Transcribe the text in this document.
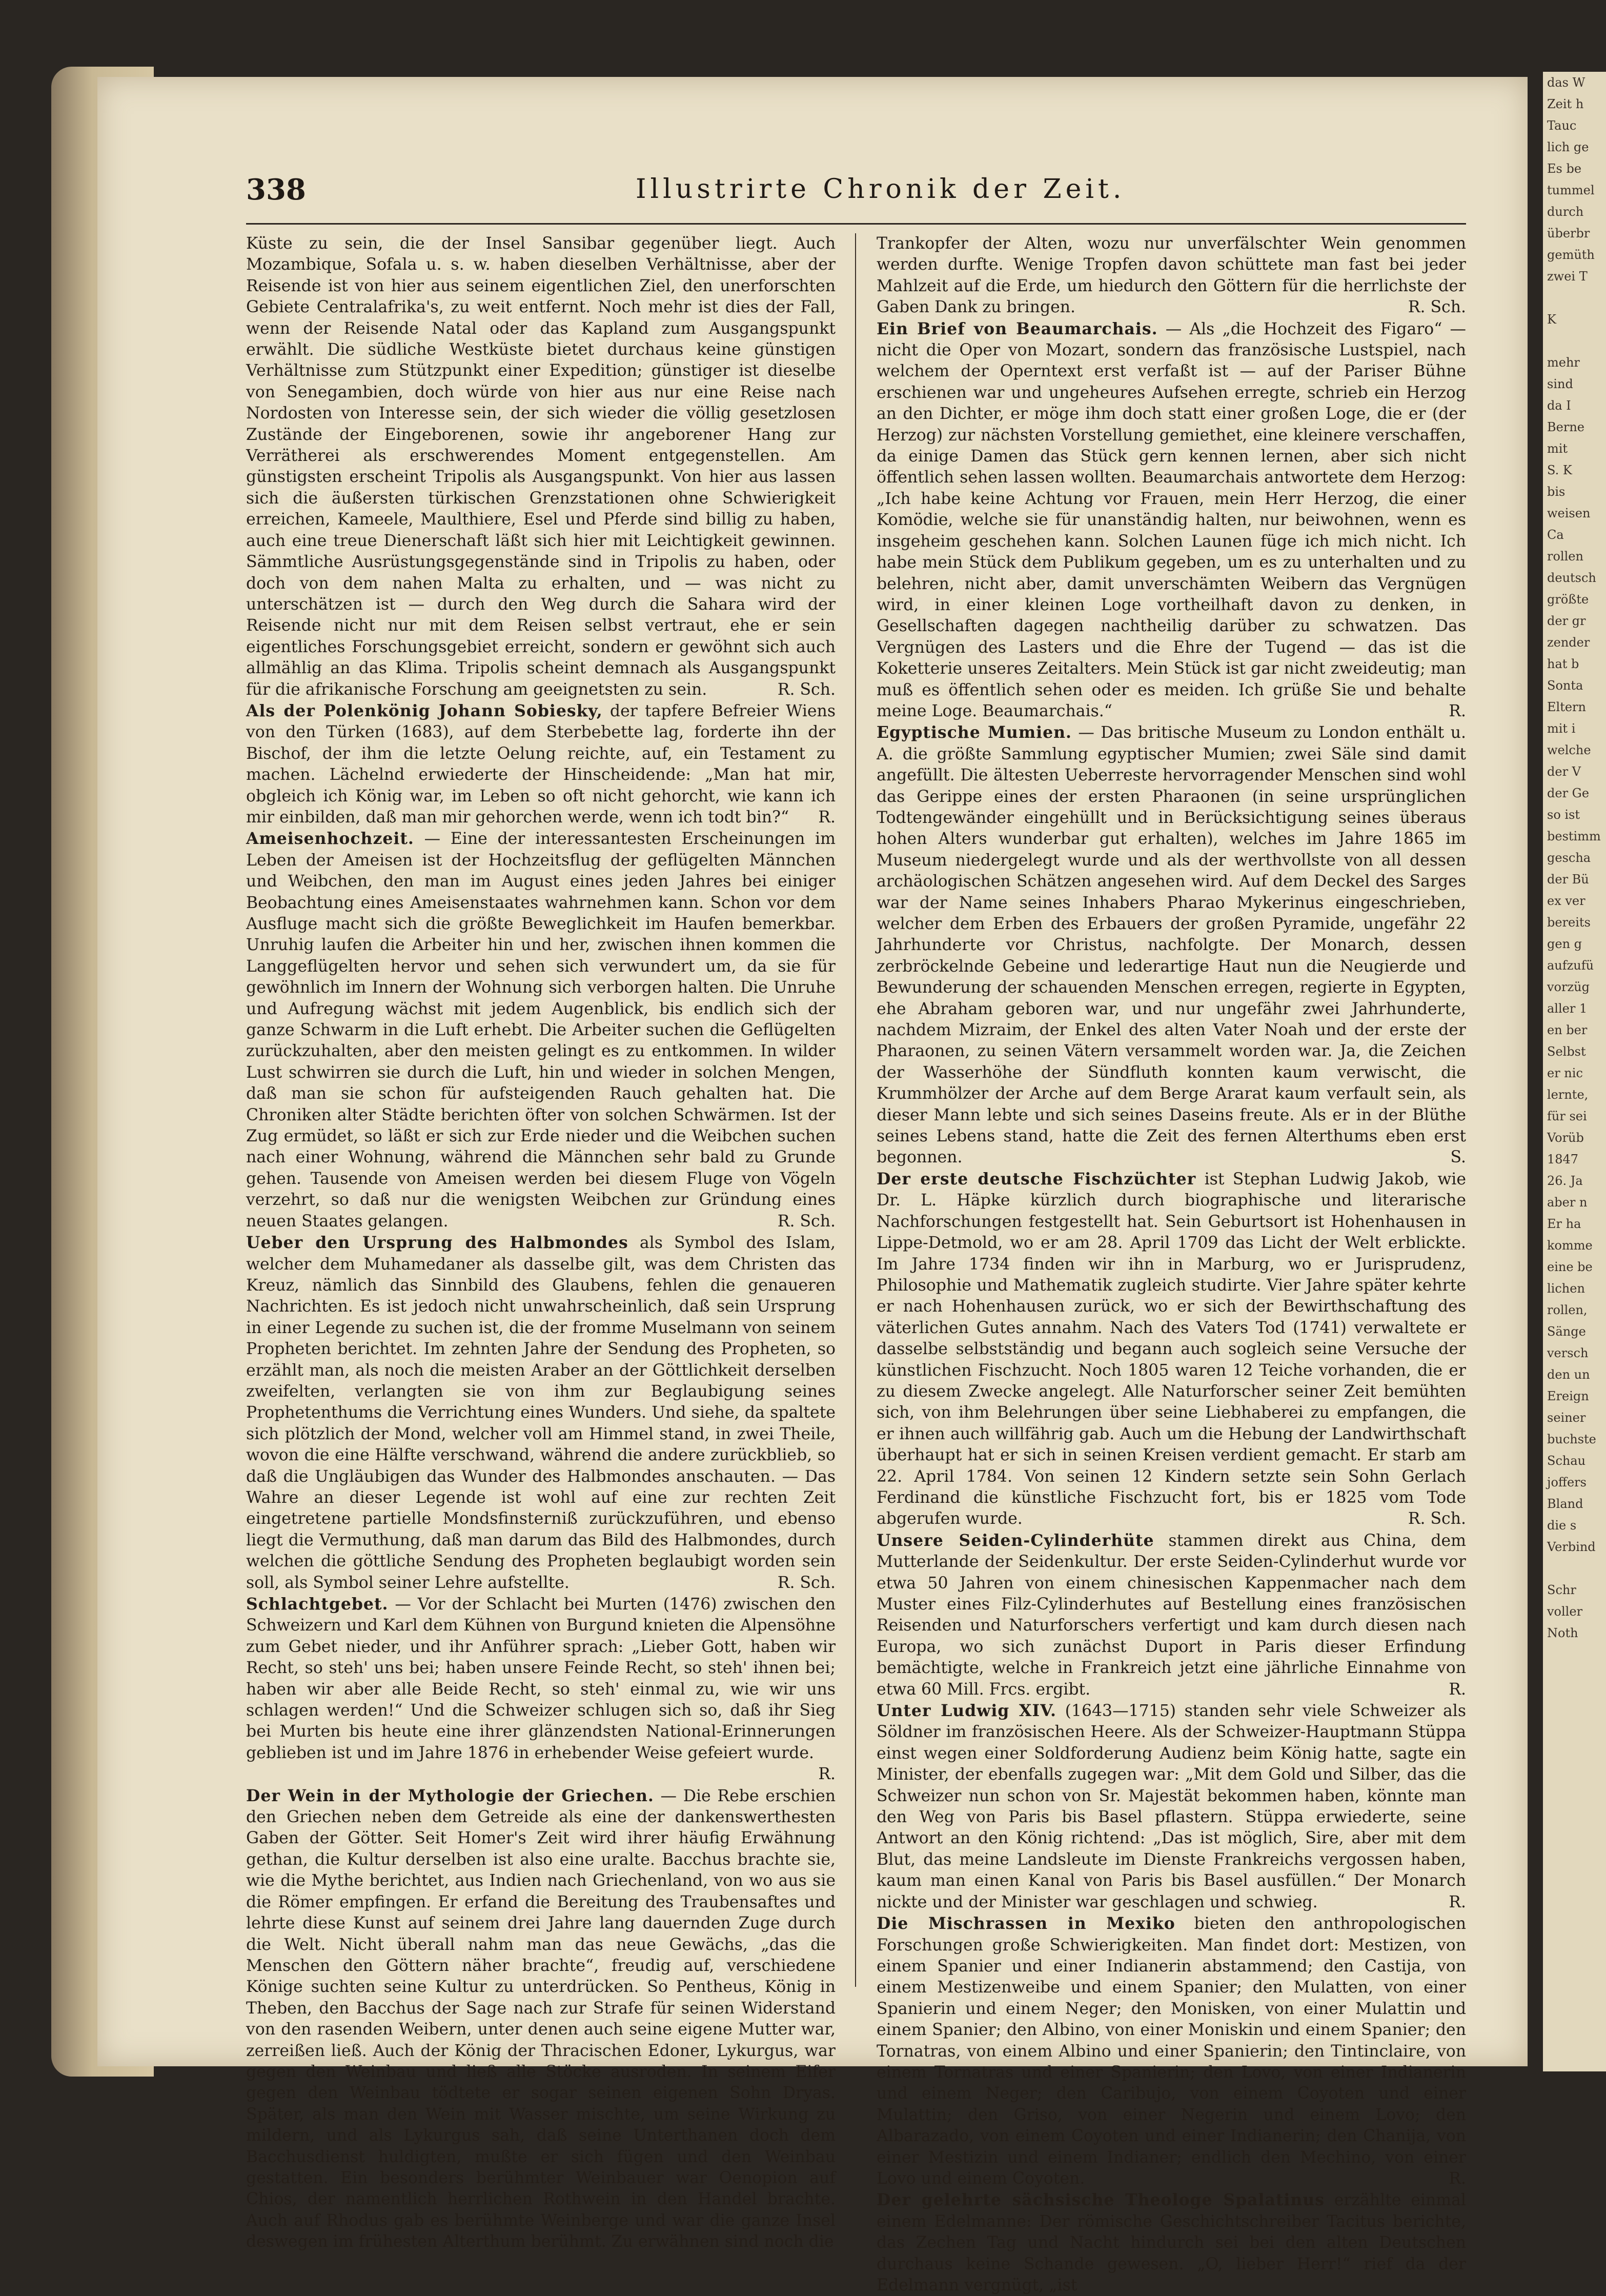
338	Illustrirte Chronik der Zeit.

Küste zu sein, die der Insel Sansibar gegenüber liegt. Auch Mozambique, Sofala u. s. w. haben dieselben Verhältnisse, aber der Reisende ist von hier aus seinem eigentlichen Ziel, den unerforschten Gebiete Centralafrika's, zu weit entfernt. Noch mehr ist dies der Fall, wenn der Reisende Natal oder das Kapland zum Ausgangspunkt erwählt. Die südliche Westküste bietet durchaus keine günstigen Verhältnisse zum Stützpunkt einer Expedition; günstiger ist dieselbe von Senegambien, doch würde von hier aus nur eine Reise nach Nordosten von Interesse sein, der sich wieder die völlig gesetzlosen Zustände der Eingeborenen, sowie ihr angeborener Hang zur Verrätherei als erschwerendes Moment entgegenstellen. Am günstigsten erscheint Tripolis als Ausgangspunkt. Von hier aus lassen sich die äußersten türkischen Grenzstationen ohne Schwierigkeit erreichen, Kameele, Maulthiere, Esel und Pferde sind billig zu haben, auch eine treue Dienerschaft läßt sich hier mit Leichtigkeit gewinnen. Sämmtliche Ausrüstungsgegenstände sind in Tripolis zu haben, oder doch von dem nahen Malta zu erhalten, und — was nicht zu unterschätzen ist — durch den Weg durch die Sahara wird der Reisende nicht nur mit dem Reisen selbst vertraut, ehe er sein eigentliches Forschungsgebiet erreicht, sondern er gewöhnt sich auch allmählig an das Klima. Tripolis scheint demnach als Ausgangspunkt für die afrikanische Forschung am geeignetsten zu sein.	R. Sch.

Als der Polenkönig Johann Sobiesky, der tapfere Befreier Wiens von den Türken (1683), auf dem Sterbebette lag, forderte ihn der Bischof, der ihm die letzte Oelung reichte, auf, ein Testament zu machen. Lächelnd erwiederte der Hinscheidende: „Man hat mir, obgleich ich König war, im Leben so oft nicht gehorcht, wie kann ich mir einbilden, daß man mir gehorchen werde, wenn ich todt bin?“	R.

Ameisenhochzeit. — Eine der interessantesten Erscheinungen im Leben der Ameisen ist der Hochzeitsflug der geflügelten Männchen und Weibchen, den man im August eines jeden Jahres bei einiger Beobachtung eines Ameisenstaates wahrnehmen kann. Schon vor dem Ausfluge macht sich die größte Beweglichkeit im Haufen bemerkbar. Unruhig laufen die Arbeiter hin und her, zwischen ihnen kommen die Langgeflügelten hervor und sehen sich verwundert um, da sie für gewöhnlich im Innern der Wohnung sich verborgen halten. Die Unruhe und Aufregung wächst mit jedem Augenblick, bis endlich sich der ganze Schwarm in die Luft erhebt. Die Arbeiter suchen die Geflügelten zurückzuhalten, aber den meisten gelingt es zu entkommen. In wilder Lust schwirren sie durch die Luft, hin und wieder in solchen Mengen, daß man sie schon für aufsteigenden Rauch gehalten hat. Die Chroniken alter Städte berichten öfter von solchen Schwärmen. Ist der Zug ermüdet, so läßt er sich zur Erde nieder und die Weibchen suchen nach einer Wohnung, während die Männchen sehr bald zu Grunde gehen. Tausende von Ameisen werden bei diesem Fluge von Vögeln verzehrt, so daß nur die wenigsten Weibchen zur Gründung eines neuen Staates gelangen.	R. Sch.

Ueber den Ursprung des Halbmondes als Symbol des Islam, welcher dem Muhamedaner als dasselbe gilt, was dem Christen das Kreuz, nämlich das Sinnbild des Glaubens, fehlen die genaueren Nachrichten. Es ist jedoch nicht unwahrscheinlich, daß sein Ursprung in einer Legende zu suchen ist, die der fromme Muselmann von seinem Propheten berichtet. Im zehnten Jahre der Sendung des Propheten, so erzählt man, als noch die meisten Araber an der Göttlichkeit derselben zweifelten, verlangten sie von ihm zur Beglaubigung seines Prophetenthums die Verrichtung eines Wunders. Und siehe, da spaltete sich plötzlich der Mond, welcher voll am Himmel stand, in zwei Theile, wovon die eine Hälfte verschwand, während die andere zurückblieb, so daß die Ungläubigen das Wunder des Halbmondes anschauten. — Das Wahre an dieser Legende ist wohl auf eine zur rechten Zeit eingetretene partielle Mondsfinsterniß zurückzuführen, und ebenso liegt die Vermuthung, daß man darum das Bild des Halbmondes, durch welchen die göttliche Sendung des Propheten beglaubigt worden sein soll, als Symbol seiner Lehre aufstellte.	R. Sch.

Schlachtgebet. — Vor der Schlacht bei Murten (1476) zwischen den Schweizern und Karl dem Kühnen von Burgund knieten die Alpensöhne zum Gebet nieder, und ihr Anführer sprach: „Lieber Gott, haben wir Recht, so steh' uns bei; haben unsere Feinde Recht, so steh' ihnen bei; haben wir aber alle Beide Recht, so steh' einmal zu, wie wir uns schlagen werden!“ Und die Schweizer schlugen sich so, daß ihr Sieg bei Murten bis heute eine ihrer glänzendsten National-Erinnerungen geblieben ist und im Jahre 1876 in erhebender Weise gefeiert wurde.
R.

Der Wein in der Mythologie der Griechen. — Die Rebe erschien den Griechen neben dem Getreide als eine der dankenswerthesten Gaben der Götter. Seit Homer's Zeit wird ihrer häufig Erwähnung gethan, die Kultur derselben ist also eine uralte. Bacchus brachte sie, wie die Mythe berichtet, aus Indien nach Griechenland, von wo aus sie die Römer empfingen. Er erfand die Bereitung des Traubensaftes und lehrte diese Kunst auf seinem drei Jahre lang dauernden Zuge durch die Welt. Nicht überall nahm man das neue Gewächs, „das die Menschen den Göttern näher brachte“, freudig auf, verschiedene Könige suchten seine Kultur zu unterdrücken. So Pentheus, König in Theben, den Bacchus der Sage nach zur Strafe für seinen Widerstand von den rasenden Weibern, unter denen auch seine eigene Mutter war, zerreißen ließ. Auch der König der Thracischen Edoner, Lykurgus, war gegen den Weinbau und ließ alle Stöcke ausroden. In seinem Eifer gegen den Weinbau tödtete er sogar seinen eigenen Sohn Dryas. Später, als man den Wein mit Wasser mischte, um seine Wirkung zu mildern, und als Lykurgus sah, daß seine Unterthanen doch dem Bacchusdienst huldigten, mußte er sich fügen und den Weinbau gestatten. Ein besonders berühmter Weinbauer war Oenopion auf Chios, der namentlich herrlichen Rothwein in den Handel brachte. Auch auf Rhodus gab es berühmte Weinberge und war die ganze Insel deswegen im frühesten Alterthum berühmt. Zu erwähnen sind noch die

Trankopfer der Alten, wozu nur unverfälschter Wein genommen werden durfte. Wenige Tropfen davon schüttete man fast bei jeder Mahlzeit auf die Erde, um hiedurch den Göttern für die herrlichste der Gaben Dank zu bringen.	R. Sch.

Ein Brief von Beaumarchais. — Als „die Hochzeit des Figaro“ — nicht die Oper von Mozart, sondern das französische Lustspiel, nach welchem der Operntext erst verfaßt ist — auf der Pariser Bühne erschienen war und ungeheures Aufsehen erregte, schrieb ein Herzog an den Dichter, er möge ihm doch statt einer großen Loge, die er (der Herzog) zur nächsten Vorstellung gemiethet, eine kleinere verschaffen, da einige Damen das Stück gern kennen lernen, aber sich nicht öffentlich sehen lassen wollten. Beaumarchais antwortete dem Herzog: „Ich habe keine Achtung vor Frauen, mein Herr Herzog, die einer Komödie, welche sie für unanständig halten, nur beiwohnen, wenn es insgeheim geschehen kann. Solchen Launen füge ich mich nicht. Ich habe mein Stück dem Publikum gegeben, um es zu unterhalten und zu belehren, nicht aber, damit unverschämten Weibern das Vergnügen wird, in einer kleinen Loge vortheilhaft davon zu denken, in Gesellschaften dagegen nachtheilig darüber zu schwatzen. Das Vergnügen des Lasters und die Ehre der Tugend — das ist die Koketterie unseres Zeitalters. Mein Stück ist gar nicht zweideutig; man muß es öffentlich sehen oder es meiden. Ich grüße Sie und behalte meine Loge. Beaumarchais.“	R.

Egyptische Mumien. — Das britische Museum zu London enthält u. A. die größte Sammlung egyptischer Mumien; zwei Säle sind damit angefüllt. Die ältesten Ueberreste hervorragender Menschen sind wohl das Gerippe eines der ersten Pharaonen (in seine ursprünglichen Todtengewänder eingehüllt und in Berücksichtigung seines überaus hohen Alters wunderbar gut erhalten), welches im Jahre 1865 im Museum niedergelegt wurde und als der werthvollste von all dessen archäologischen Schätzen angesehen wird. Auf dem Deckel des Sarges war der Name seines Inhabers Pharao Mykerinus eingeschrieben, welcher dem Erben des Erbauers der großen Pyramide, ungefähr 22 Jahrhunderte vor Christus, nachfolgte. Der Monarch, dessen zerbröckelnde Gebeine und lederartige Haut nun die Neugierde und Bewunderung der schauenden Menschen erregen, regierte in Egypten, ehe Abraham geboren war, und nur ungefähr zwei Jahrhunderte, nachdem Mizraim, der Enkel des alten Vater Noah und der erste der Pharaonen, zu seinen Vätern versammelt worden war. Ja, die Zeichen der Wasserhöhe der Sündfluth konnten kaum verwischt, die Krummhölzer der Arche auf dem Berge Ararat kaum verfault sein, als dieser Mann lebte und sich seines Daseins freute. Als er in der Blüthe seines Lebens stand, hatte die Zeit des fernen Alterthums eben erst begonnen.	S.

Der erste deutsche Fischzüchter ist Stephan Ludwig Jakob, wie Dr. L. Häpke kürzlich durch biographische und literarische Nachforschungen festgestellt hat. Sein Geburtsort ist Hohenhausen in Lippe-Detmold, wo er am 28. April 1709 das Licht der Welt erblickte. Im Jahre 1734 finden wir ihn in Marburg, wo er Jurisprudenz, Philosophie und Mathematik zugleich studirte. Vier Jahre später kehrte er nach Hohenhausen zurück, wo er sich der Bewirthschaftung des väterlichen Gutes annahm. Nach des Vaters Tod (1741) verwaltete er dasselbe selbstständig und begann auch sogleich seine Versuche der künstlichen Fischzucht. Noch 1805 waren 12 Teiche vorhanden, die er zu diesem Zwecke angelegt. Alle Naturforscher seiner Zeit bemühten sich, von ihm Belehrungen über seine Liebhaberei zu empfangen, die er ihnen auch willfährig gab. Auch um die Hebung der Landwirthschaft überhaupt hat er sich in seinen Kreisen verdient gemacht. Er starb am 22. April 1784. Von seinen 12 Kindern setzte sein Sohn Gerlach Ferdinand die künstliche Fischzucht fort, bis er 1825 vom Tode abgerufen wurde.	R. Sch.

Unsere Seiden-Cylinderhüte stammen direkt aus China, dem Mutterlande der Seidenkultur. Der erste Seiden-Cylinderhut wurde vor etwa 50 Jahren von einem chinesischen Kappenmacher nach dem Muster eines Filz-Cylinderhutes auf Bestellung eines französischen Reisenden und Naturforschers verfertigt und kam durch diesen nach Europa, wo sich zunächst Duport in Paris dieser Erfindung bemächtigte, welche in Frankreich jetzt eine jährliche Einnahme von etwa 60 Mill. Frcs. ergibt.	R.

Unter Ludwig XIV. (1643—1715) standen sehr viele Schweizer als Söldner im französischen Heere. Als der Schweizer-Hauptmann Stüppa einst wegen einer Soldforderung Audienz beim König hatte, sagte ein Minister, der ebenfalls zugegen war: „Mit dem Gold und Silber, das die Schweizer nun schon von Sr. Majestät bekommen haben, könnte man den Weg von Paris bis Basel pflastern. Stüppa erwiederte, seine Antwort an den König richtend: „Das ist möglich, Sire, aber mit dem Blut, das meine Landsleute im Dienste Frankreichs vergossen haben, kaum man einen Kanal von Paris bis Basel ausfüllen.“ Der Monarch nickte und der Minister war geschlagen und schwieg.	R.

Die Mischrassen in Mexiko bieten den anthropologischen Forschungen große Schwierigkeiten. Man findet dort: Mestizen, von einem Spanier und einer Indianerin abstammend; den Castija, von einem Mestizenweibe und einem Spanier; den Mulatten, von einer Spanierin und einem Neger; den Monisken, von einer Mulattin und einem Spanier; den Albino, von einer Moniskin und einem Spanier; den Tornatras, von einem Albino und einer Spanierin; den Tintinclaire, von einem Tornatras und einer Spanierin; den Lovo, von einer Indianerin und einem Neger; den Caribujo, von einem Coyoten und einer Mulattin; den Griso, von einer Negerin und einem Lovo; den Albarazado, von einem Coyoten und einer Indianerin; den Chanija, von einer Mestizin und einem Indianer; endlich den Mechino, von einer Lovo und einem Coyoten.	R.

Der gelehrte sächsische Theologe Spalatinus erzählte einmal einem Edelmanne: Der römische Geschichtschreiber Tacitus berichte, das Zechen Tag und Nacht hindurch sei bei den alten Deutschen durchaus keine Schande gewesen. „O, lieber Herr!“ rief da der Edelmann vergnügt, „ist

das W
Zeit h
Tauc
lich ge
Es be
tummel
durch
überbr
gemüth
zwei T

K

mehr
sind
da I
Berne
mit
S. K
bis
weisen
Ca
rollen
deutsch
größte
der gr
zender
hat b
Sonta
Eltern
mit i
welche
der V
der Ge
so ist
bestimm
gescha
der Bü
ex ver
bereits
gen g
aufzufü
vorzüg
aller 1
en ber
Selbst
er nic
lernte,
für sei
Vorüb
1847
26. Ja
aber n
Er ha
komme
eine be
lichen
rollen,
Sänge
versch
den un
Ereign
seiner
buchste
Schau
joffers
Bland
die s
Verbind

Schr
voller
Noth
